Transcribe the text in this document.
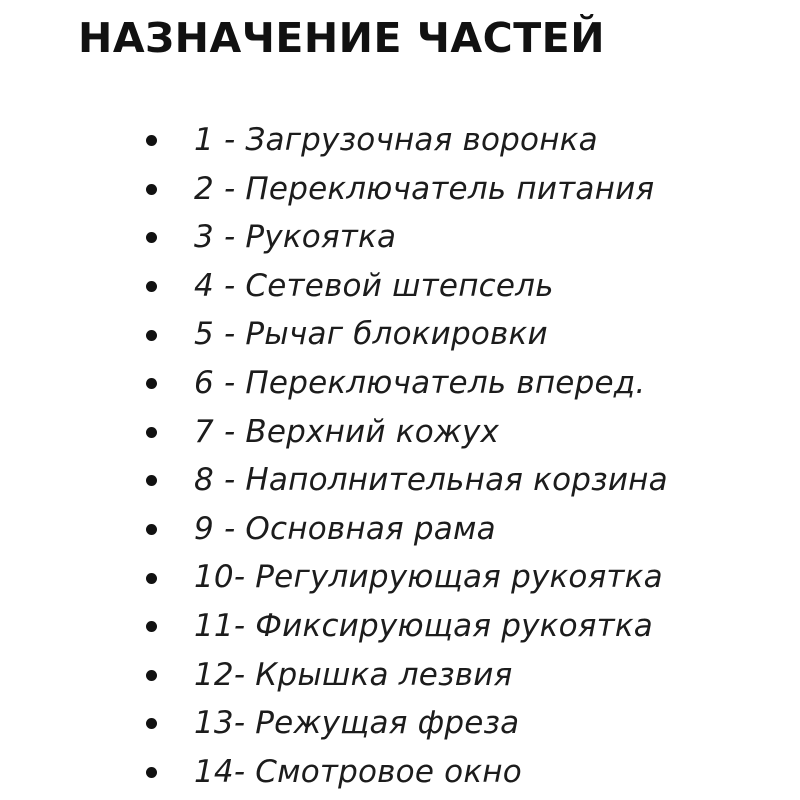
НАЗНАЧЕНИЕ ЧАСТЕЙ
1 - Загрузочная воронка
2 - Переключатель питания
3 - Рукоятка
4 - Сетевой штепсель
5 - Рычаг блокировки
6 - Переключатель вперед.
7 - Верхний кожух
8 - Наполнительная корзина
9 - Основная рама
10- Регулирующая рукоятка
11- Фиксирующая рукоятка
12- Крышка лезвия
13- Режущая фреза
14- Смотровое окно
